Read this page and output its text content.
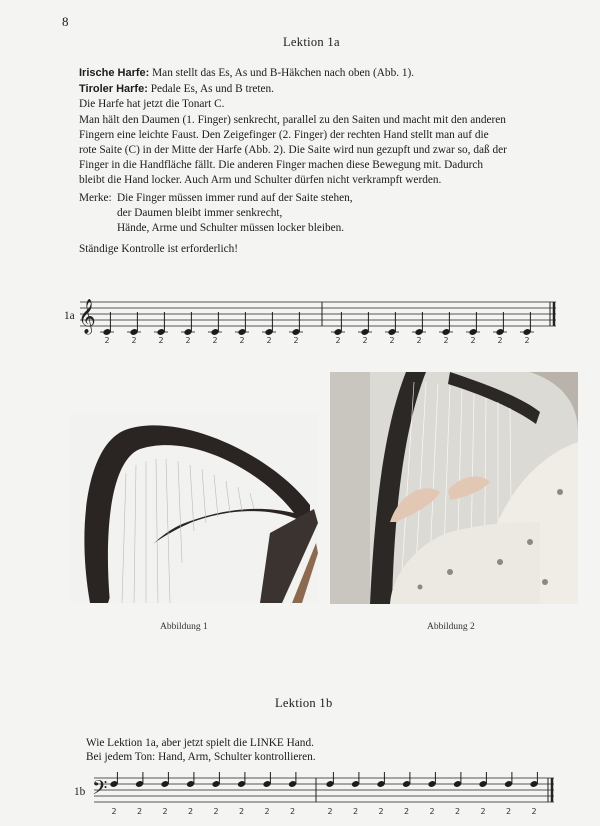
8
Lektion 1a
Irische Harfe: Man stellt das Es, As und B-Häkchen nach oben (Abb. 1).
Tiroler Harfe: Pedale Es, As und B treten.
Die Harfe hat jetzt die Tonart C.
Man hält den Daumen (1. Finger) senkrecht, parallel zu den Saiten und macht mit den anderen
Fingern eine leichte Faust. Den Zeigefinger (2. Finger) der rechten Hand stellt man auf die
rote Saite (C) in der Mitte der Harfe (Abb. 2). Die Saite wird nun gezupft und zwar so, daß der
Finger in die Handfläche fällt. Die anderen Finger machen diese Bewegung mit. Dadurch
bleibt die Hand locker. Auch Arm und Schulter dürfen nicht verkrampft werden.
Merke: Die Finger müssen immer rund auf der Saite stehen,
der Daumen bleibt immer senkrecht,
Hände, Arme und Schulter müssen locker bleiben.
Ständige Kontrolle ist erforderlich!
1a 𝄞
2	2	2	2	2	2	2	2	2	2	2	2	2	2	2	2
Abbildung 1	Abbildung 2
Lektion 1b
Wie Lektion 1a, aber jetzt spielt die LINKE Hand.
Bei jedem Ton: Hand, Arm, Schulter kontrollieren.
1b 𝄢
2	2	2	2	2	2	2	2	2	2	2	2	2	2	2	2	2
